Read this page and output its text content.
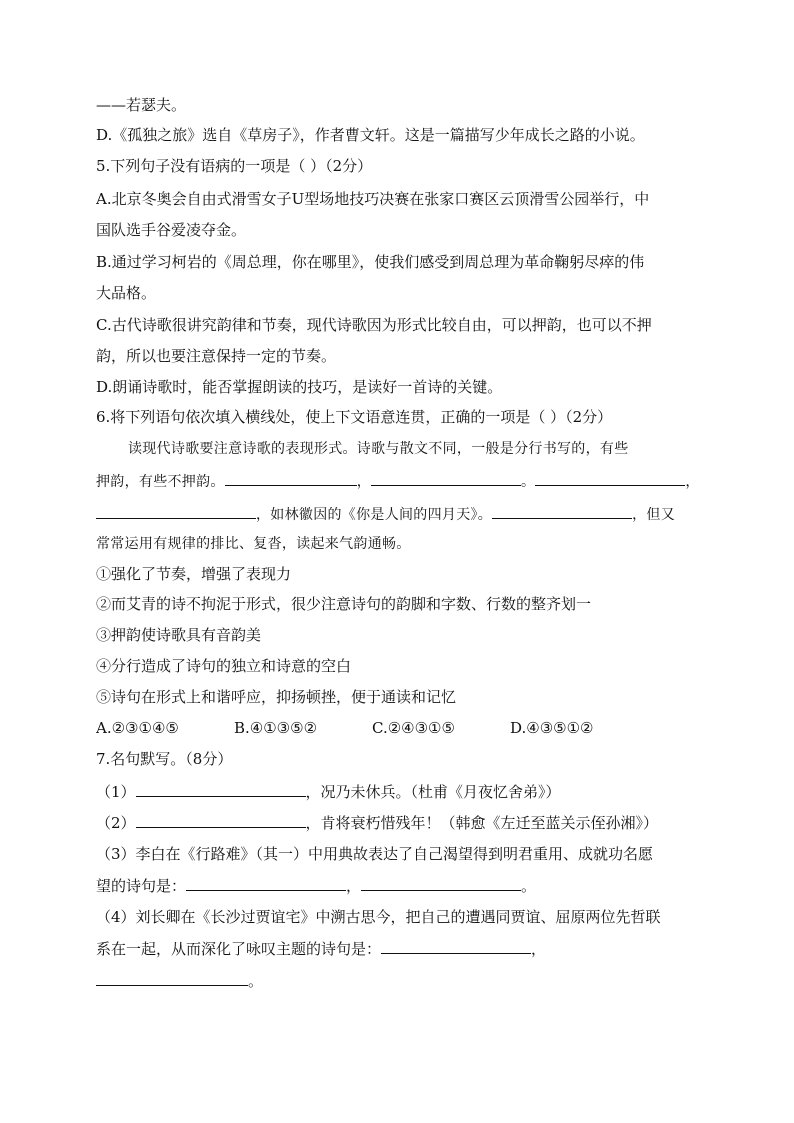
——若瑟夫。
D.《孤独之旅》选自《草房子》，作者曹文轩。这是一篇描写少年成长之路的小说。
5.下列句子没有语病的一项是（ ）（2分）
A.北京冬奥会自由式滑雪女子U型场地技巧决赛在张家口赛区云顶滑雪公园举行，中
国队选手谷爱凌夺金。
B.通过学习柯岩的《周总理，你在哪里》，使我们感受到周总理为革命鞠躬尽瘁的伟
大品格。
C.古代诗歌很讲究韵律和节奏，现代诗歌因为形式比较自由，可以押韵，也可以不押
韵，所以也要注意保持一定的节奏。
D.朗诵诗歌时，能否掌握朗读的技巧，是读好一首诗的关键。
6.将下列语句依次填入横线处，使上下文语意连贯，正确的一项是（ ）（2分）
读现代诗歌要注意诗歌的表现形式。诗歌与散文不同，一般是分行书写的，有些
押韵，有些不押韵。	，	。	，
，如林徽因的《你是人间的四月天》。	，但又
常常运用有规律的排比、复沓，读起来气韵通畅。
①强化了节奏，增强了表现力
②而艾青的诗不拘泥于形式，很少注意诗句的韵脚和字数、行数的整齐划一
③押韵使诗歌具有音韵美
④分行造成了诗句的独立和诗意的空白
⑤诗句在形式上和谐呼应，抑扬顿挫，便于通读和记忆
A.②③①④⑤	B.④①③⑤②	C.②④③①⑤	D.④③⑤①②
7.名句默写。（8分）
（1）	，况乃未休兵。（杜甫《月夜忆舍弟》）
（2）	，肯将衰朽惜残年！（韩愈《左迁至蓝关示侄孙湘》）
（3）李白在《行路难》（其一）中用典故表达了自己渴望得到明君重用、成就功名愿
望的诗句是：	，	。
（4）刘长卿在《长沙过贾谊宅》中溯古思今，把自己的遭遇同贾谊、屈原两位先哲联
系在一起，从而深化了咏叹主题的诗句是：	，
。
